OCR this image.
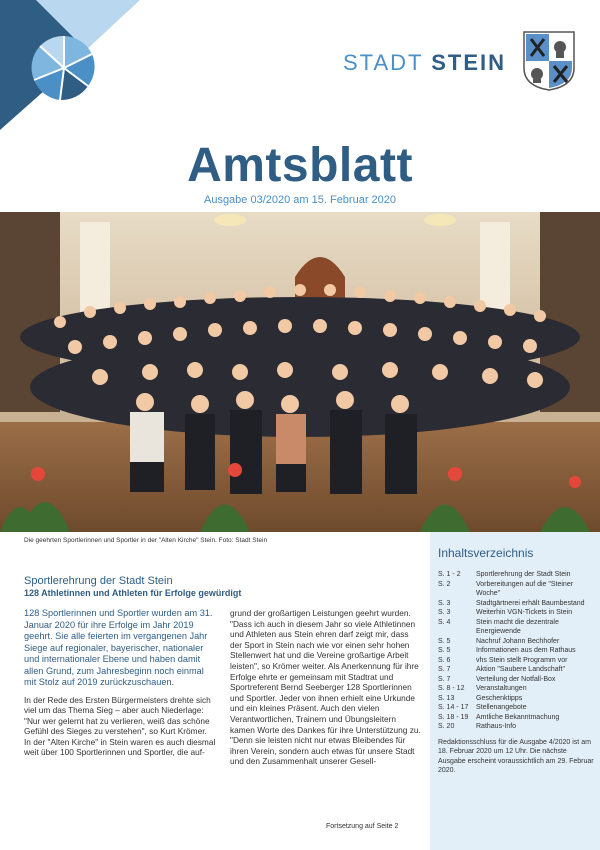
STADT STEIN
Amtsblatt
Ausgabe 03/2020 am 15. Februar 2020
Die geehrten Sportlerinnen und Sportler in der "Alten Kirche" Stein. Foto: Stadt Stein
Sportlerehrung der Stadt Stein
128 Athletinnen und Athleten für Erfolge gewürdigt

128 Sportlerinnen und Sportler wurden am 31. Januar 2020 für ihre Erfolge im Jahr 2019 geehrt. Sie alle feierten im vergangenen Jahr Siege auf regionaler, bayerischer, nationaler und internationaler Ebene und haben damit allen Grund, zum Jahresbeginn noch einmal mit Stolz auf 2019 zurückzuschauen.

In der Rede des Ersten Bürgermeisters drehte sich viel um das Thema Sieg – aber auch Niederlage: "Nur wer gelernt hat zu verlieren, weiß das schöne Gefühl des Sieges zu verstehen", so Kurt Krömer. In der "Alten Kirche" in Stein waren es auch diesmal weit über 100 Sportlerinnen und Sportler, die auf-

grund der großartigen Leistungen geehrt wurden. "Dass ich auch in diesem Jahr so viele Athletinnen und Athleten aus Stein ehren darf zeigt mir, dass der Sport in Stein nach wie vor einen sehr hohen Stellenwert hat und die Vereine großartige Arbeit leisten", so Krömer weiter. Als Anerkennung für ihre Erfolge ehrte er gemeinsam mit Stadtrat und Sportreferent Bernd Seeberger 128 Sportlerinnen und Sportler. Jeder von ihnen erhielt eine Urkunde und ein kleines Präsent. Auch den vielen Verantwortlichen, Trainern und Übungsleitern kamen Worte des Dankes für ihre Unterstützung zu. "Denn sie leisten nicht nur etwas Bleibendes für ihren Verein, sondern auch etwas für unsere Stadt und den Zusammenhalt unserer Gesell-

Fortsetzung auf Seite 2
Inhaltsverzeichnis
S. 1 - 2	Sportlerehrung der Stadt Stein
S. 2	Vorbereitungen auf die "Steiner Woche"
S. 3	Stadtgärtnerei erhält Baumbestand
S. 3	Weiterhin VGN-Tickets in Stein
S. 4	Stein macht die dezentrale Energiewende
S. 5	Nachruf Johann Bechhofer
S. 5	Informationen aus dem Rathaus
S. 6	vhs Stein stellt Programm vor
S. 7	Aktion "Saubere Landschaft"
S. 7	Verteilung der Notfall-Box
S. 8 - 12	Veranstaltungen
S. 13	Geschenktipps
S. 14 - 17	Stellenangebote
S. 18 - 19	Amtliche Bekanntmachung
S. 20	Rathaus-Info
Redaktionsschluss für die Ausgabe 4/2020 ist am 18. Februar 2020 um 12 Uhr. Die nächste Ausgabe erscheint voraussichtlich am 29. Februar 2020.
